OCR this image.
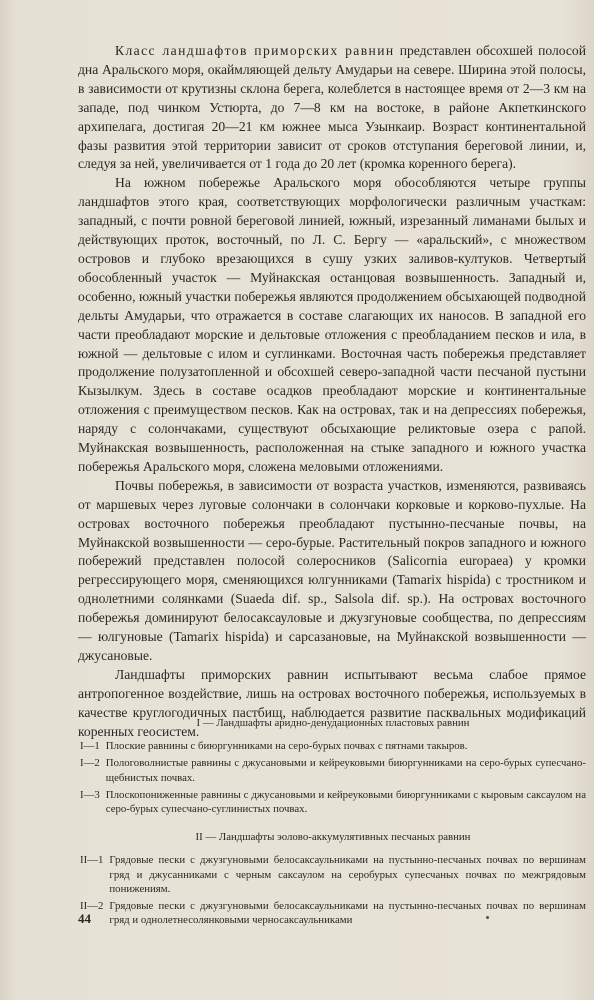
Класс ландшафтов приморских равнин представлен обсохшей полосой дна Аральского моря, окаймляющей дельту Амударьи на севере. Ширина этой полосы, в зависимости от крутизны склона берега, колеблется в настоящее время от 2—3 км на западе, под чинком Устюрта, до 7—8 км на востоке, в районе Акпеткинского архипелага, достигая 20—21 км южнее мыса Узынкаир. Возраст континентальной фазы развития этой территории зависит от сроков отступания береговой линии, и, следуя за ней, увеличивается от 1 года до 20 лет (кромка коренного берега).

На южном побережье Аральского моря обособляются четыре группы ландшафтов этого края, соответствующих морфологически различным участкам: западный, с почти ровной береговой линией, южный, изрезанный лиманами былых и действующих проток, восточный, по Л. С. Бергу — «аральский», с множеством островов и глубоко врезающихся в сушу узких заливов-култуков. Четвертый обособленный участок — Муйнакская останцовая возвышенность. Западный и, особенно, южный участки побережья являются продолжением обсыхающей подводной дельты Амударьи, что отражается в составе слагающих их наносов. В западной его части преобладают морские и дельтовые отложения с преобладанием песков и ила, в южной — дельтовые с илом и суглинками. Восточная часть побережья представляет продолжение полузатопленной и обсохшей северо-западной части песчаной пустыни Кызылкум. Здесь в составе осадков преобладают морские и континентальные отложения с преимуществом песков. Как на островах, так и на депрессиях побережья, наряду с солончаками, существуют обсыхающие реликтовые озера с рапой. Муйнакская возвышенность, расположенная на стыке западного и южного участка побережья Аральского моря, сложена меловыми отложениями.

Почвы побережья, в зависимости от возраста участков, изменяются, развиваясь от маршевых через луговые солончаки в солончаки корковые и корково-пухлые. На островах восточного побережья преобладают пустынно-песчаные почвы, на Муйнакской возвышенности — серо-бурые. Растительный покров западного и южного побережий представлен полосой солеросников (Salicornia europaea) у кромки регрессирующего моря, сменяющихся юлгунниками (Tamarix hispida) с тростником и однолетними солянками (Suaeda dif. sp., Salsola dif. sp.). На островах восточного побережья доминируют белосаксауловые и джузгуновые сообщества, по депрессиям — юлгуновые (Tamarix hispida) и сарсазановые, на Муйнакской возвышенности — джусановые.

Ландшафты приморских равнин испытывают весьма слабое прямое антропогенное воздействие, лишь на островах восточного побережья, используемых в качестве круглогодичных пастбищ, наблюдается развитие пасквальных модификаций коренных геосистем.

I — Ландшафты аридно-денудационных пластовых равнин

I—1 Плоские равнины с биюргунниками на серо-бурых почвах с пятнами такыров.
I—2 Пологоволнистые равнины с джусановыми и кейреуковыми биюргунниками на серо-бурых супесчано-щебнистых почвах.
I—3 Плоскопониженные равнины с джусановыми и кейреуковыми биюргунниками с кыровым саксаулом на серо-бурых супесчано-суглинистых почвах.

II — Ландшафты эоловo-аккумулятивных песчаных равнин

II—1 Грядовые пески с джузгуновыми белосаксаульниками на пустынно-песчаных почвах по вершинам гряд и джусанниками с черным саксаулом на серобурых супесчаных почвах по межгрядовым понижениям.
II—2 Грядовые пески с джузгуновыми белосаксаульниками на пустынно-песчаных почвах по вершинам гряд и однолетнесолянковыми черносаксаульниками
44
